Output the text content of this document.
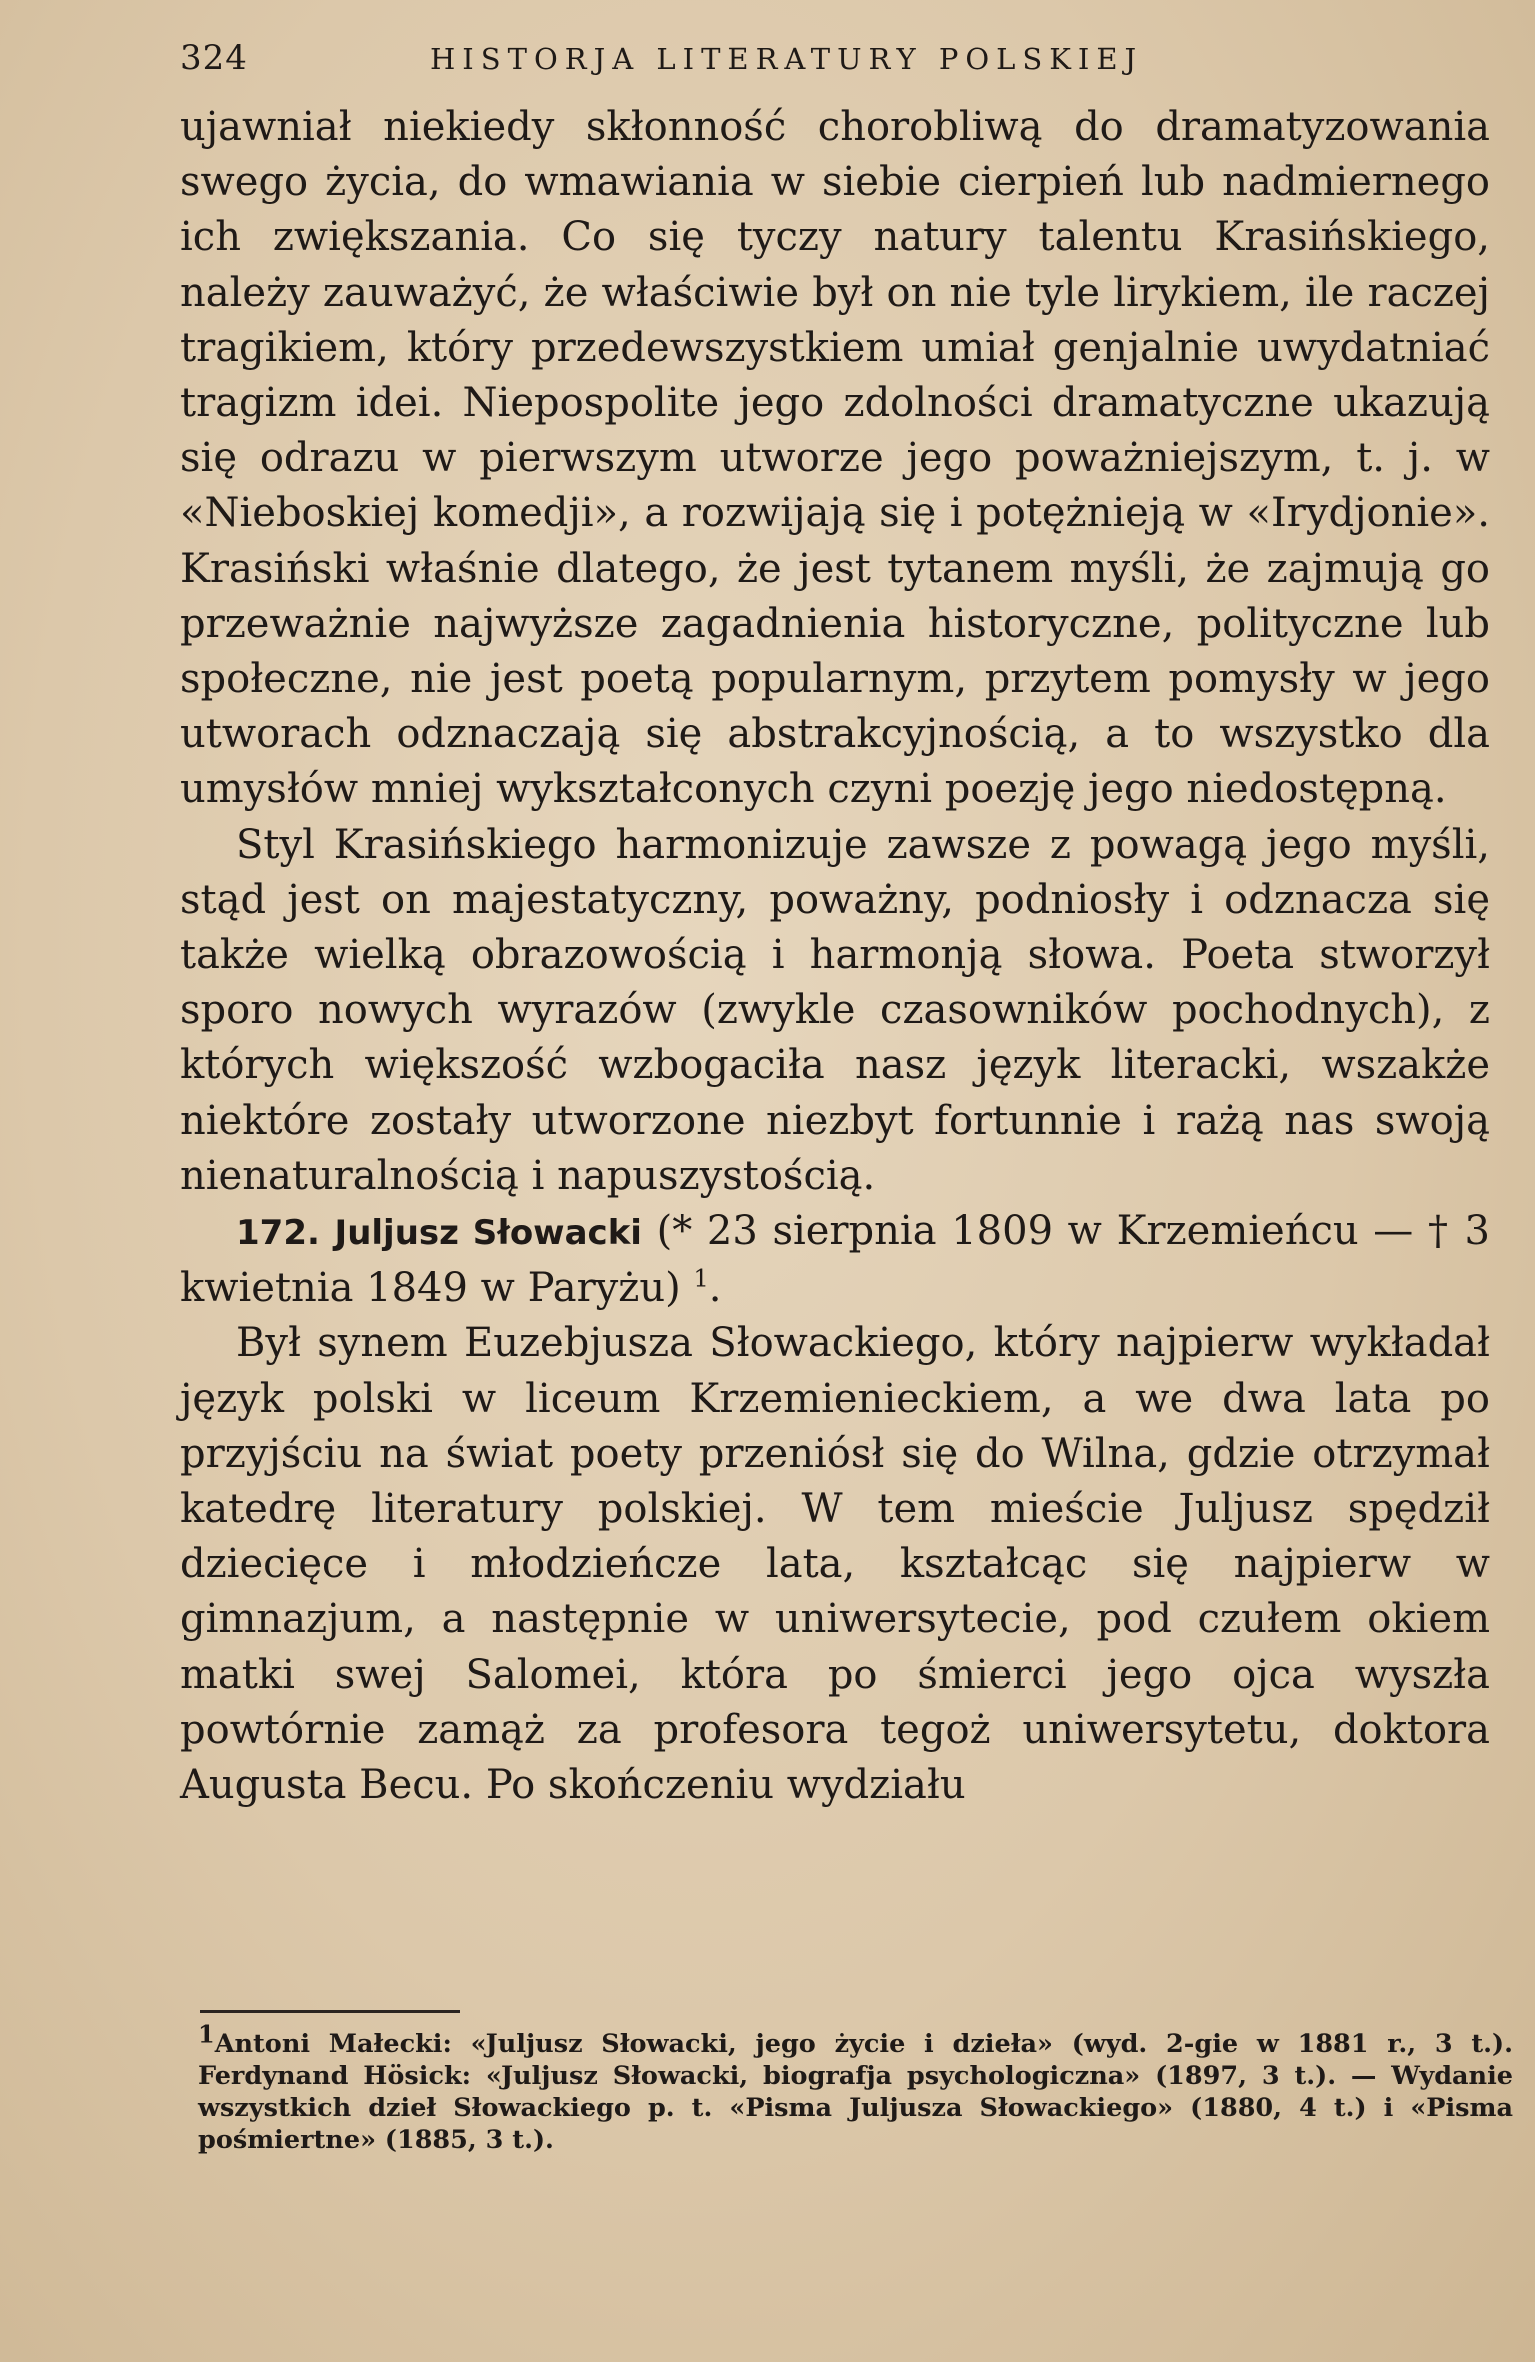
324	HISTORJA LITERATURY POLSKIEJ

ujawniał niekiedy skłonność chorobliwą do dramatyzowania swego życia, do wmawiania w siebie cierpień lub nadmiernego ich zwiększania. Co się tyczy natury talentu Krasińskiego, należy zauważyć, że właściwie był on nie tyle lirykiem, ile raczej tragikiem, który przedewszystkiem umiał genjalnie uwydatniać tragizm idei. Niepospolite jego zdolności dramatyczne ukazują się odrazu w pierwszym utworze jego poważniejszym, t. j. w «Nieboskiej komedji», a rozwijają się i potężnieją w «Irydjonie». Krasiński właśnie dlatego, że jest tytanem myśli, że zajmują go przeważnie najwyższe zagadnienia historyczne, polityczne lub społeczne, nie jest poetą popularnym, przytem pomysły w jego utworach odznaczają się abstrakcyjnością, a to wszystko dla umysłów mniej wykształconych czyni poezję jego niedostępną.

Styl Krasińskiego harmonizuje zawsze z powagą jego myśli, stąd jest on majestatyczny, poważny, podniosły i odznacza się także wielką obrazowością i harmonją słowa. Poeta stworzył sporo nowych wyrazów (zwykle czasowników pochodnych), z których większość wzbogaciła nasz język literacki, wszakże niektóre zostały utworzone niezbyt fortunnie i rażą nas swoją nienaturalnością i napuszystością.

172. Juljusz Słowacki (* 23 sierpnia 1809 w Krzemieńcu — † 3 kwietnia 1849 w Paryżu) $^1$.

Był synem Euzebjusza Słowackiego, który najpierw wykładał język polski w liceum Krzemienieckiem, a we dwa lata po przyjściu na świat poety przeniósł się do Wilna, gdzie otrzymał katedrę literatury polskiej. W tem mieście Juljusz spędził dziecięce i młodzieńcze lata, kształcąc się najpierw w gimnazjum, a następnie w uniwersytecie, pod czułem okiem matki swej Salomei, która po śmierci jego ojca wyszła powtórnie zamąż za profesora tegoż uniwersytetu, doktora Augusta Becu. Po skończeniu wydziału

$^1$Antoni Małecki: «Juljusz Słowacki, jego życie i dzieła» (wyd. 2-gie w 1881 r., 3 t.). Ferdynand Hösick: «Juljusz Słowacki, biografja psychologiczna» (1897, 3 t.). — Wydanie wszystkich dzieł Słowackiego p. t. «Pisma Juljusza Słowackiego» (1880, 4 t.) i «Pisma pośmiertne» (1885, 3 t.).
